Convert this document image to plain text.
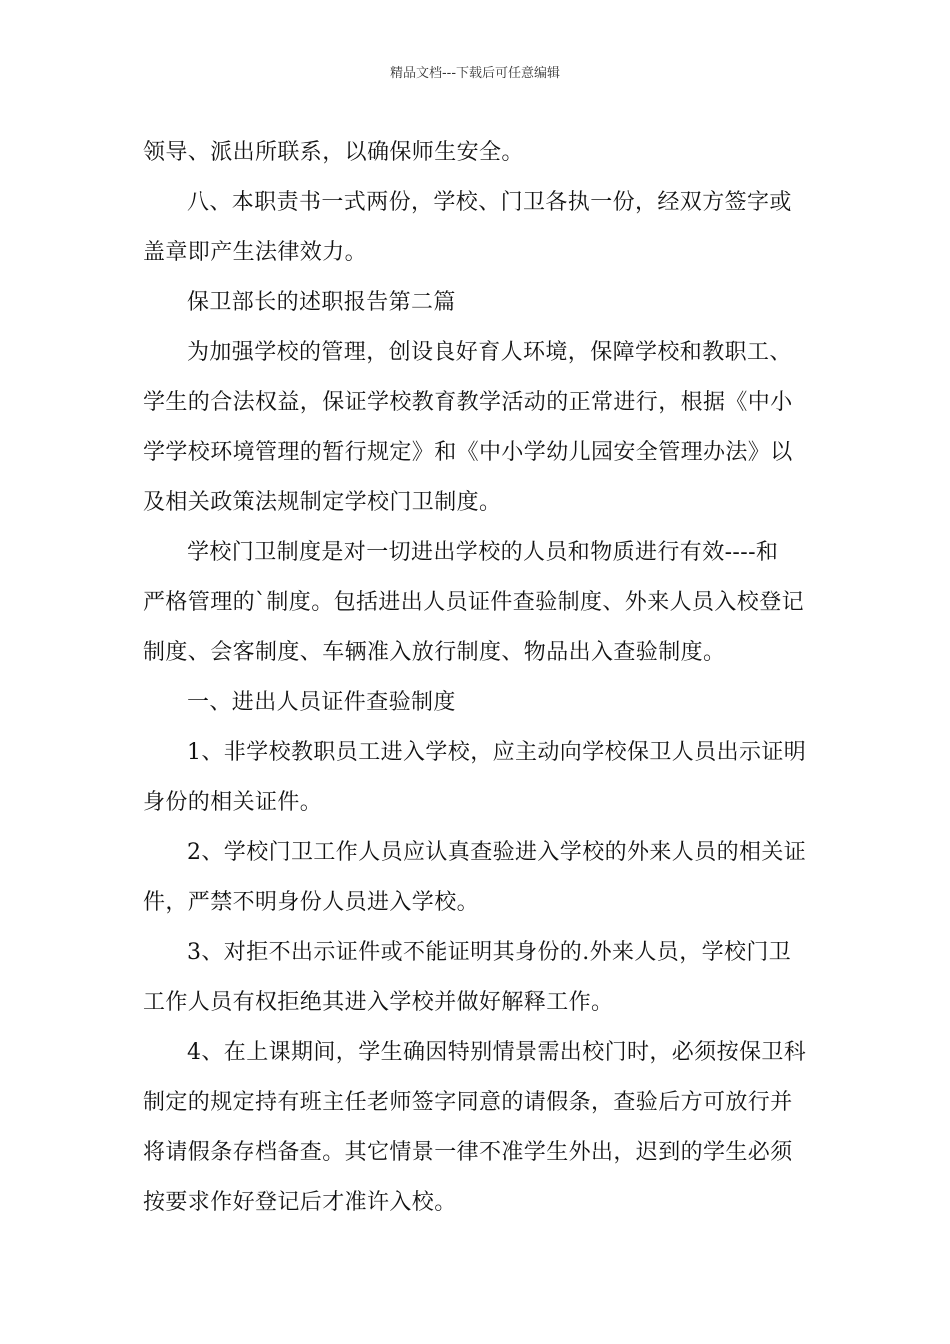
精品文档---下载后可任意编辑
领导、派出所联系，以确保师生安全。
八、本职责书一式两份，学校、门卫各执一份，经双方签字或
盖章即产生法律效力。
保卫部长的述职报告第二篇
为加强学校的管理，创设良好育人环境，保障学校和教职工、
学生的合法权益，保证学校教育教学活动的正常进行，根据《中小
学学校环境管理的暂行规定》和《中小学幼儿园安全管理办法》以
及相关政策法规制定学校门卫制度。
学校门卫制度是对一切进出学校的人员和物质进行有效----和
严格管理的`制度。包括进出人员证件查验制度、外来人员入校登记
制度、会客制度、车辆准入放行制度、物品出入查验制度。
一、进出人员证件查验制度
1、非学校教职员工进入学校，应主动向学校保卫人员出示证明
身份的相关证件。
2、学校门卫工作人员应认真查验进入学校的外来人员的相关证
件，严禁不明身份人员进入学校。
3、对拒不出示证件或不能证明其身份的.外来人员，学校门卫
工作人员有权拒绝其进入学校并做好解释工作。
4、在上课期间，学生确因特别情景需出校门时，必须按保卫科
制定的规定持有班主任老师签字同意的请假条，查验后方可放行并
将请假条存档备查。其它情景一律不准学生外出，迟到的学生必须
按要求作好登记后才准许入校。
